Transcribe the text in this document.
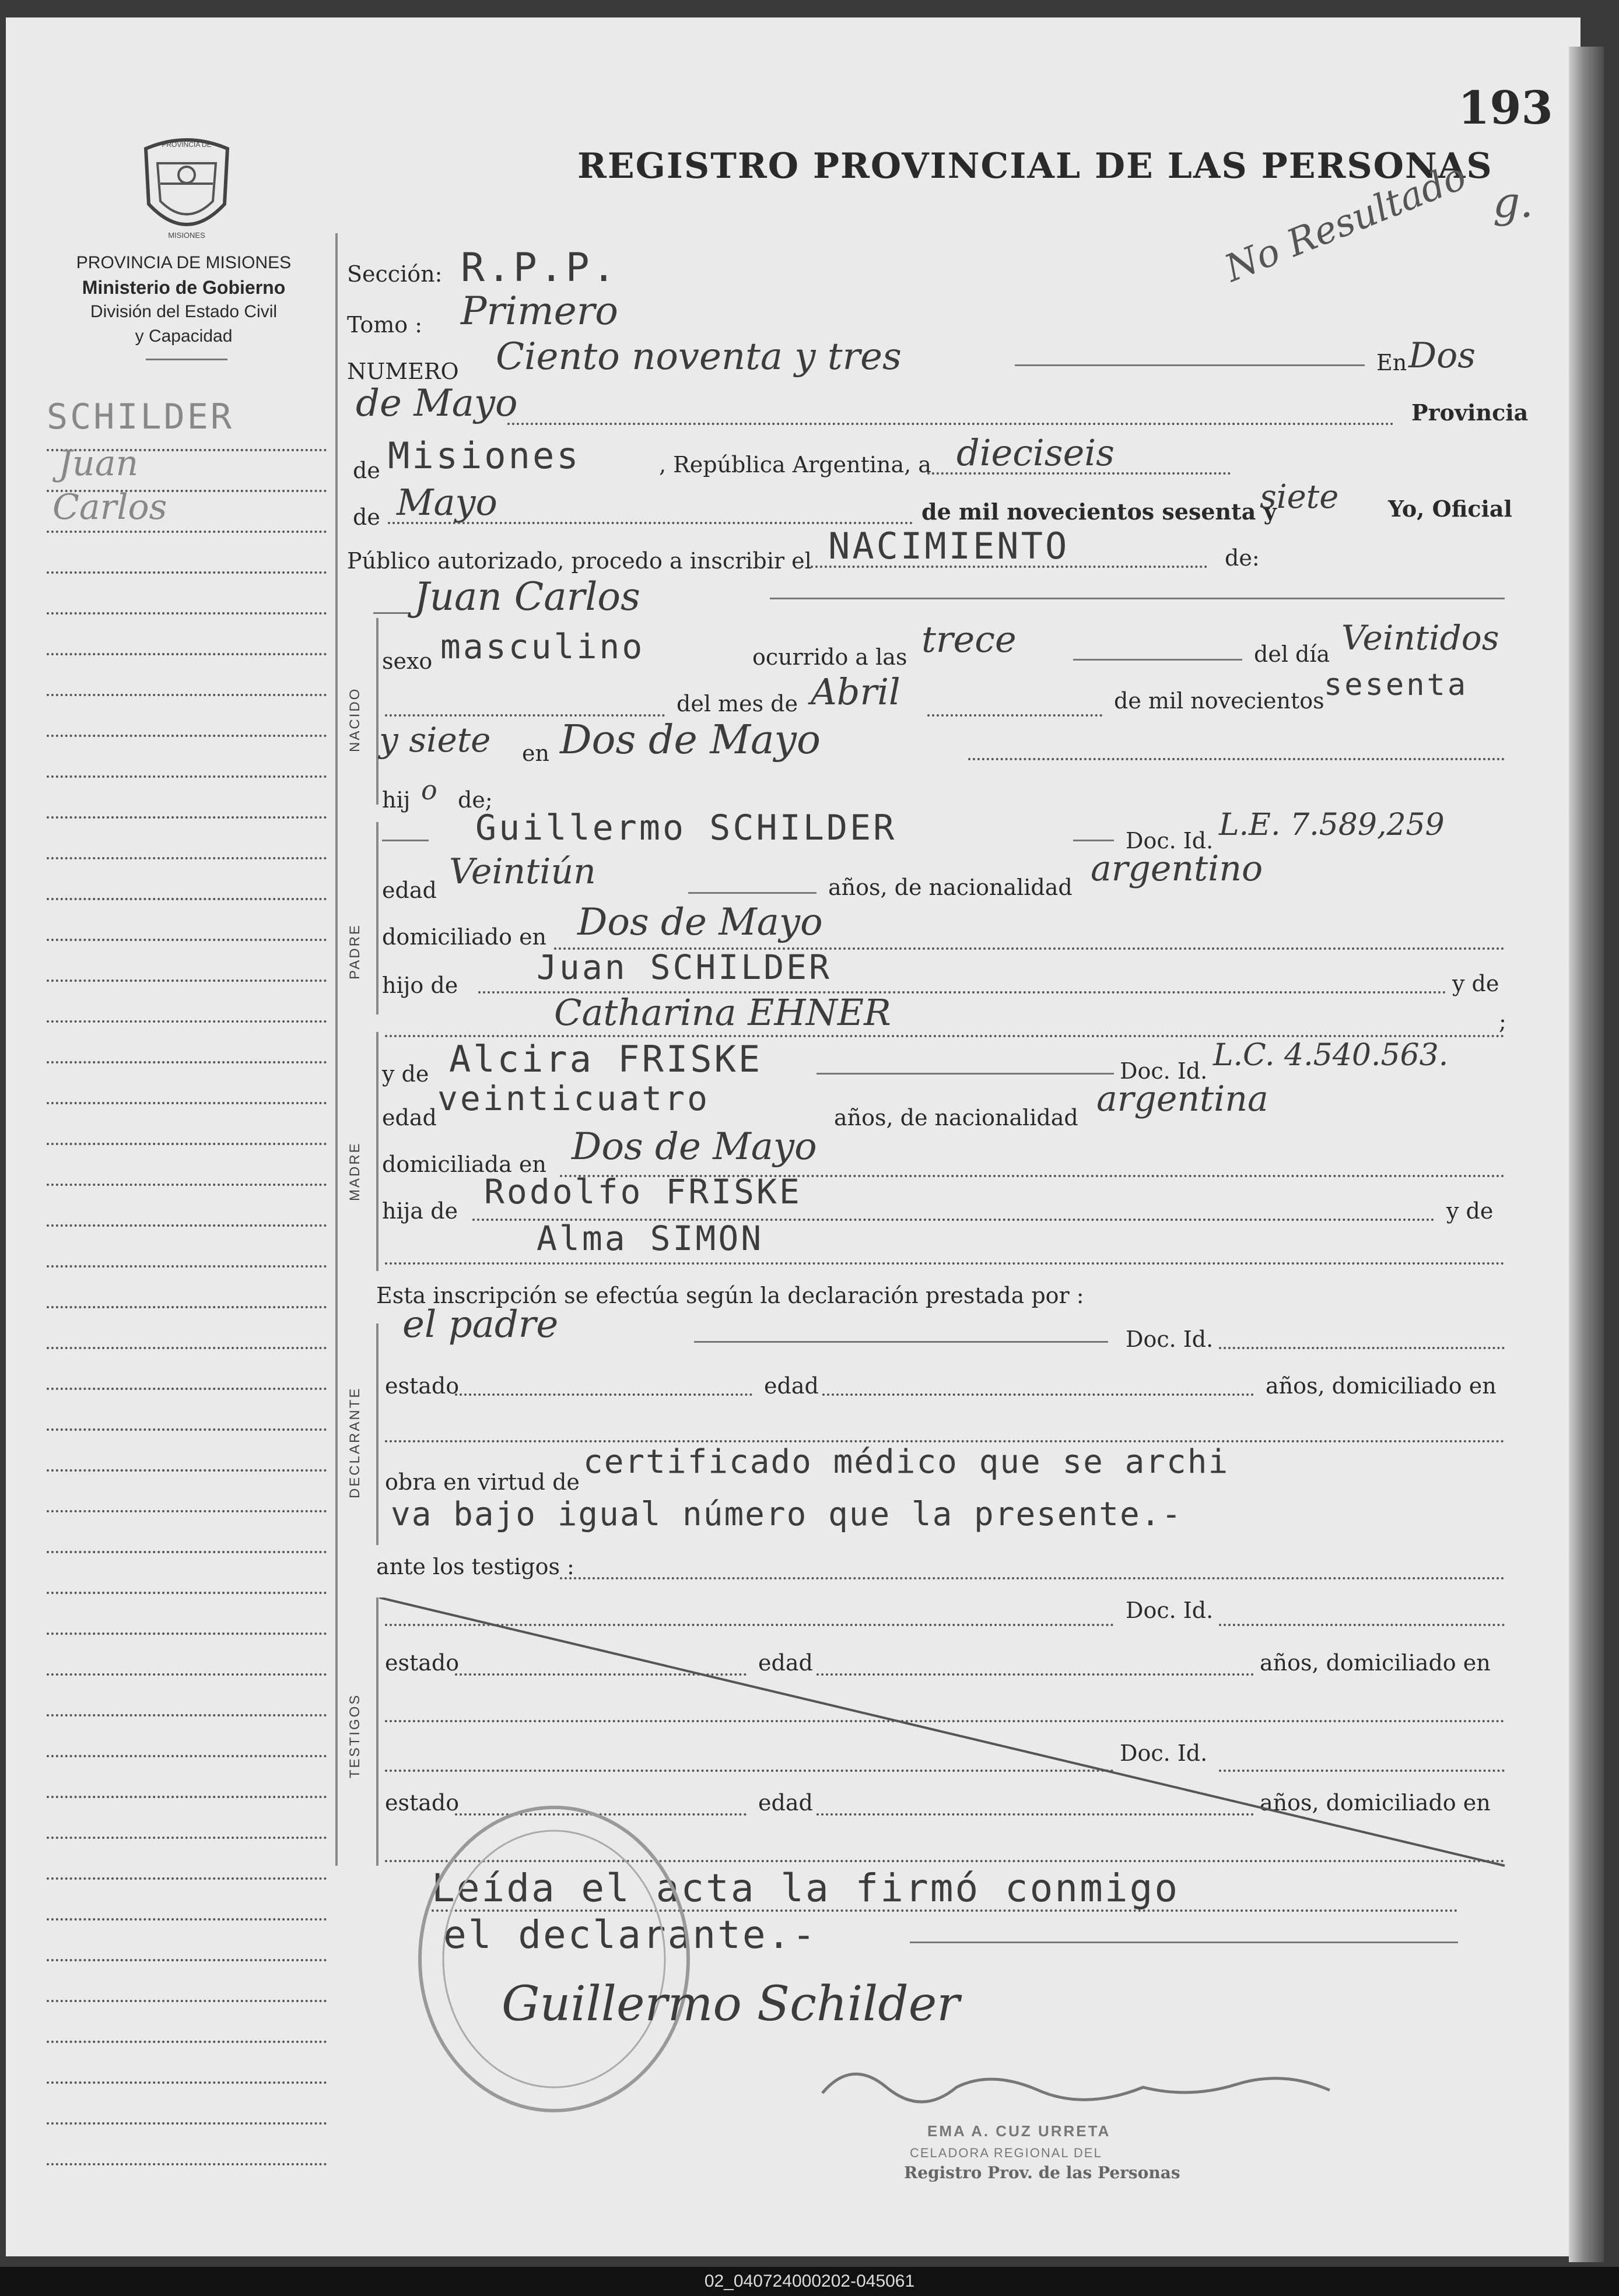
193
PROVINCIA DE
MISIONES
PROVINCIA DE MISIONES
Ministerio de Gobierno
División del Estado Civil
y Capacidad
REGISTRO PROVINCIAL DE LAS PERSONAS
No Resultado g.
SCHILDER
Juan
Carlos
Sección: R.P.P.
Tomo : Primero
NUMERO Ciento noventa y tres	En Dos
de Mayo	Provincia
de Misiones	, República Argentina, a dieciseis
de Mayo	de mil novecientos sesenta y
siete Yo, Oficial
Público autorizado, procedo a inscribir el NACIMIENTO	de:
Juan Carlos
NACIDO
sexo masculino	ocurrido a las trece	del día Veintidos
del mes de Abril	de mil novecientos sesenta
y siete en Dos de Mayo
hij o de;
PADRE
Guillermo SCHILDER	Doc. Id. L.E. 7.589,259
edad Veintiún	años, de nacionalidad argentino
domiciliado en Dos de Mayo
hijo de Juan SCHILDER	y de
Catharina EHNER	;
MADRE
y de Alcira FRISKE	Doc. Id. L.C. 4.540.563.
edad veinticuatro	años, de nacionalidad argentina
domiciliada en Dos de Mayo
hija de Rodolfo FRISKE	y de
Alma SIMON
Esta inscripción se efectúa según la declaración prestada por :
DECLARANTE
el padre	Doc. Id.
estado	edad	años, domiciliado en
obra en virtud de
certificado médico que se archi
va bajo igual número que la presente.-
ante los testigos :
TESTIGOS
Doc. Id.
estado	edad	años, domiciliado en
Doc. Id.
estado	edad	años, domiciliado en
Leída el acta la firmó conmigo
el declarante.-
Guillermo Schilder
EMA A. CUZ URRETA
CELADORA REGIONAL DEL
Registro Prov. de las Personas
02_040724000202-045061
